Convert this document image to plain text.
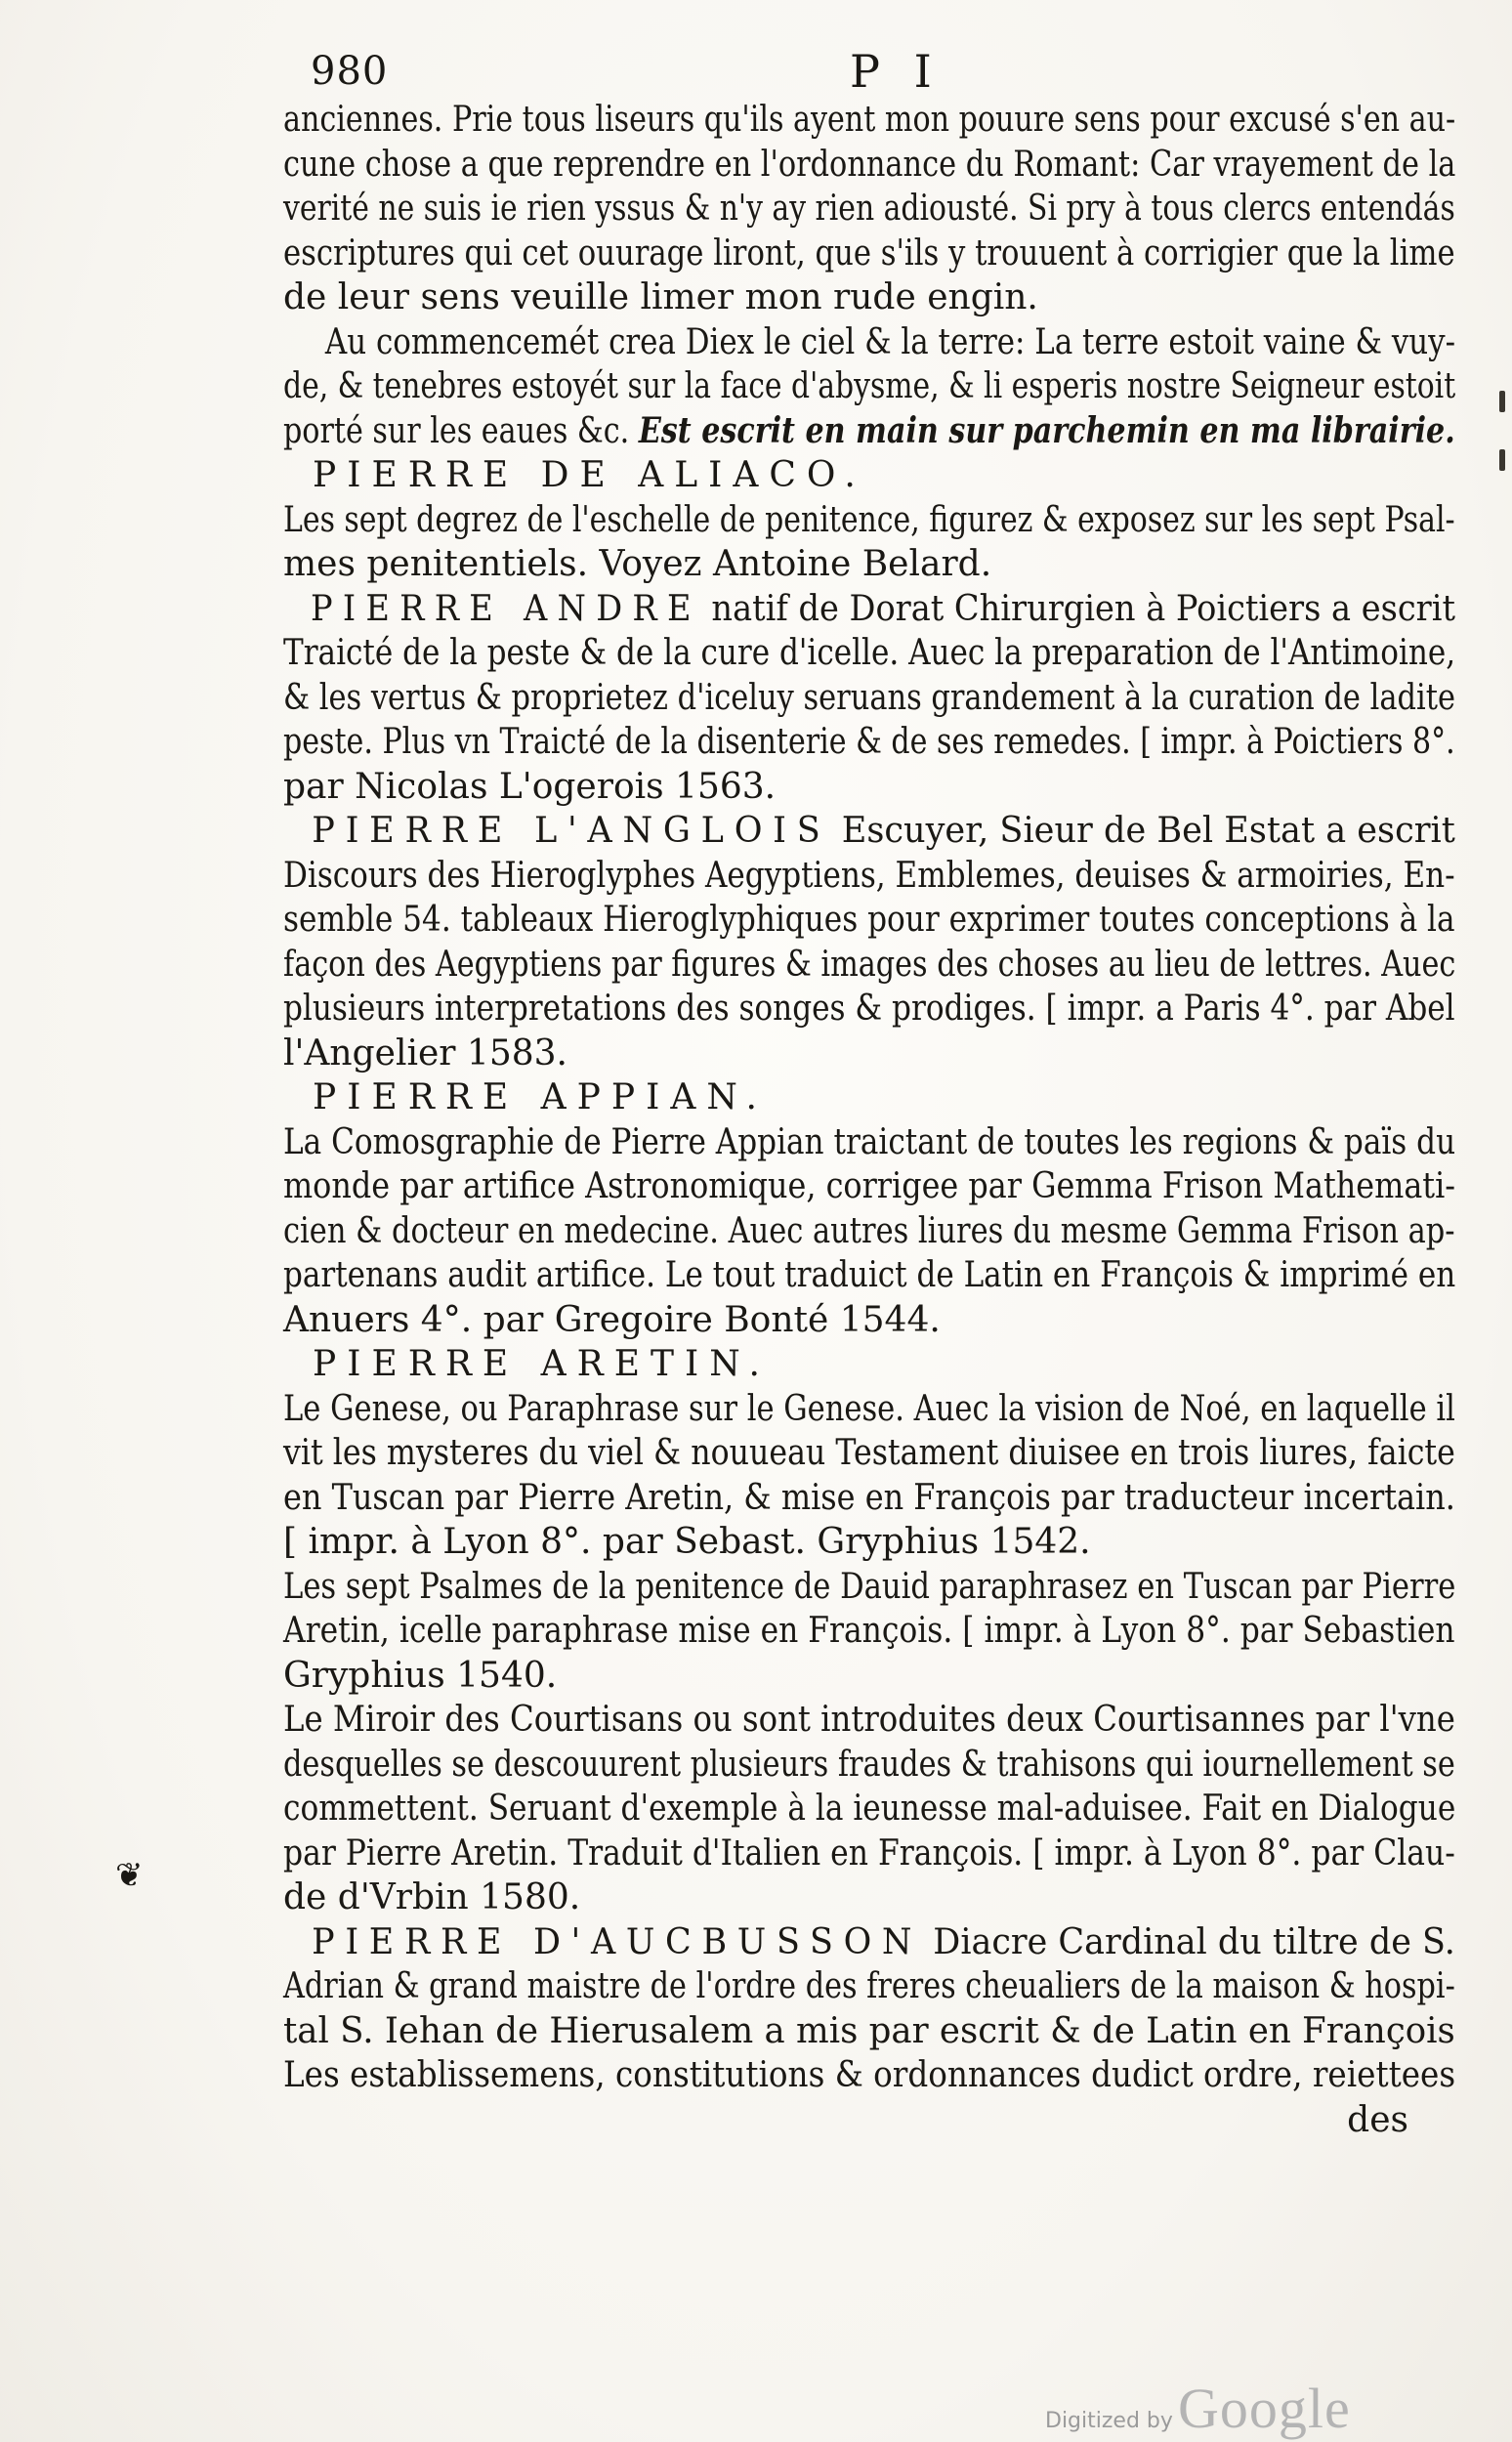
980	P I
anciennes. Prie tous liseurs qu'ils ayent mon pouure sens pour excusé s'en au-
cune chose a que reprendre en l'ordonnance du Romant: Car vrayement de la
verité ne suis ie rien yssus & n'y ay rien adiousté. Si pry à tous clercs entendás
escriptures qui cet ouurage liront, que s'ils y trouuent à corrigier que la lime
de leur sens veuille limer mon rude engin.
Au commencemét crea Diex le ciel & la terre: La terre estoit vaine & vuy-
de, & tenebres estoyét sur la face d'abysme, & li esperis nostre Seigneur estoit
porté sur les eaues &c. Est escrit en main sur parchemin en ma librairie.
PIERRE DE ALIACO.
Les sept degrez de l'eschelle de penitence, figurez & exposez sur les sept Psal-
mes penitentiels. Voyez Antoine Belard.
PIERRE ANDRE natif de Dorat Chirurgien à Poictiers a escrit
Traicté de la peste & de la cure d'icelle. Auec la preparation de l'Antimoine,
& les vertus & proprietez d'iceluy seruans grandement à la curation de ladite
peste. Plus vn Traicté de la disenterie & de ses remedes. [ impr. à Poictiers 8°.
par Nicolas L'ogerois 1563.
PIERRE L'ANGLOIS Escuyer, Sieur de Bel Estat a escrit
Discours des Hieroglyphes Aegyptiens, Emblemes, deuises & armoiries, En-
semble 54. tableaux Hieroglyphiques pour exprimer toutes conceptions à la
façon des Aegyptiens par figures & images des choses au lieu de lettres. Auec
plusieurs interpretations des songes & prodiges. [ impr. a Paris 4°. par Abel
l'Angelier 1583.
PIERRE APPIAN.
La Comosgraphie de Pierre Appian traictant de toutes les regions & païs du
monde par artifice Astronomique, corrigee par Gemma Frison Mathemati-
cien & docteur en medecine. Auec autres liures du mesme Gemma Frison ap-
partenans audit artifice. Le tout traduict de Latin en François & imprimé en
Anuers 4°. par Gregoire Bonté 1544.
PIERRE ARETIN.
Le Genese, ou Paraphrase sur le Genese. Auec la vision de Noé, en laquelle il
vit les mysteres du viel & nouueau Testament diuisee en trois liures, faicte
en Tuscan par Pierre Aretin, & mise en François par traducteur incertain.
[ impr. à Lyon 8°. par Sebast. Gryphius 1542.
Les sept Psalmes de la penitence de Dauid paraphrasez en Tuscan par Pierre
Aretin, icelle paraphrase mise en François. [ impr. à Lyon 8°. par Sebastien
Gryphius 1540.
Le Miroir des Courtisans ou sont introduites deux Courtisannes par l'vne
desquelles se descouurent plusieurs fraudes & trahisons qui iournellement se
commettent. Seruant d'exemple à la ieunesse mal-aduisee. Fait en Dialogue
par Pierre Aretin. Traduit d'Italien en François. [ impr. à Lyon 8°. par Clau-
de d'Vrbin 1580.
PIERRE D'AUCBUSSON Diacre Cardinal du tiltre de S.
Adrian & grand maistre de l'ordre des freres cheualiers de la maison & hospi-
tal S. Iehan de Hierusalem a mis par escrit & de Latin en François
Les establissemens, constitutions & ordonnances dudict ordre, reiettees
des
❦
Digitized by Google
